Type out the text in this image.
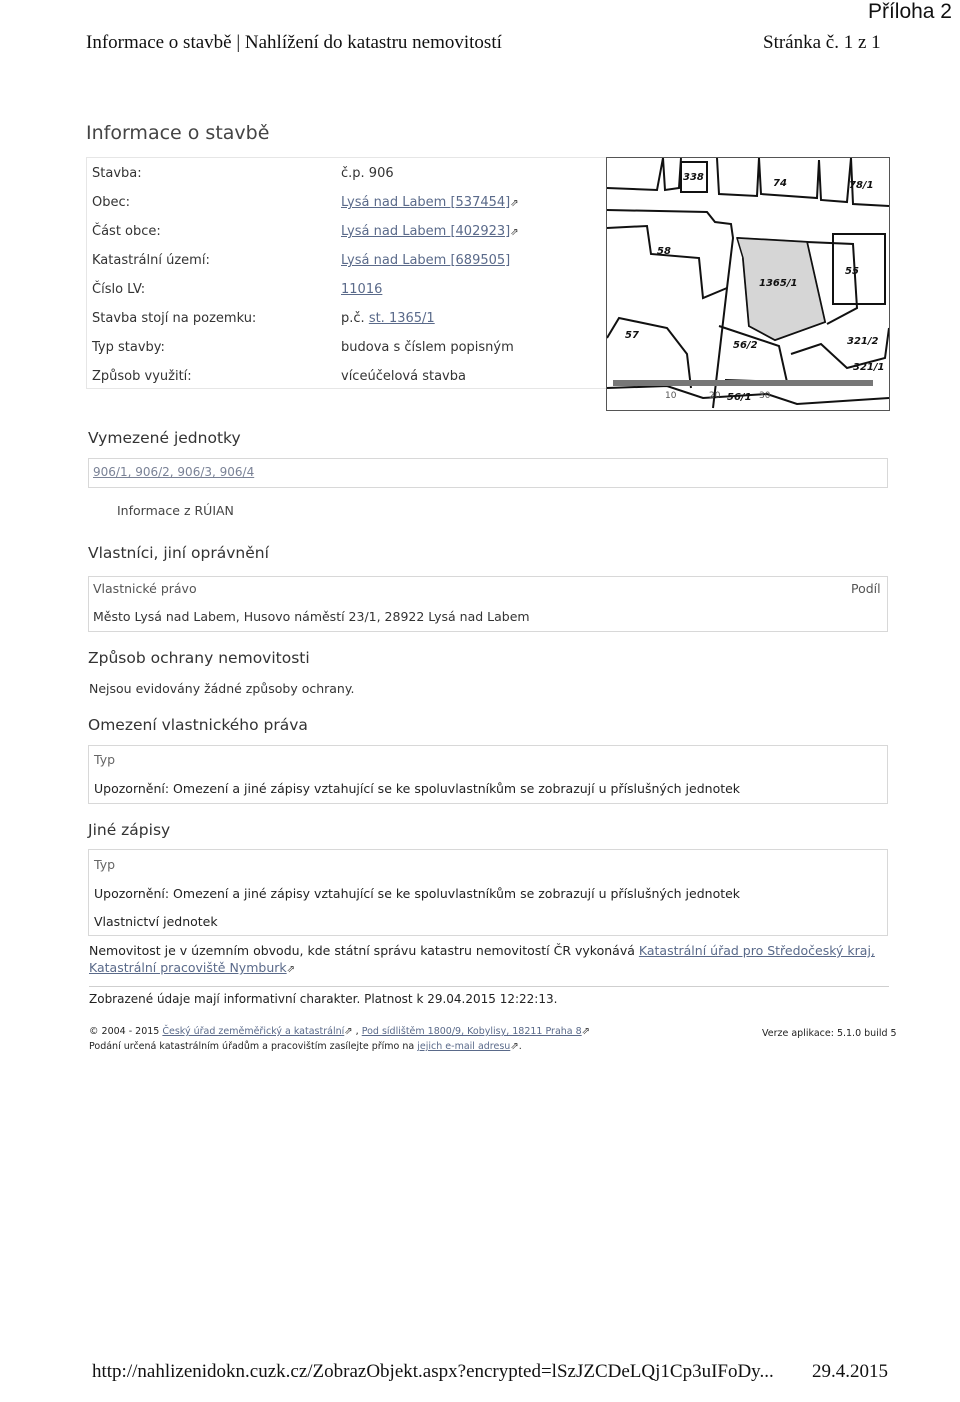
Příloha 2
Informace o stavbě | Nahlížení do katastru nemovitostí	Stránka č. 1 z 1
Informace o stavbě
Stavba:	č.p. 906
Obec:	Lysá nad Labem [537454]⇗
Část obce:	Lysá nad Labem [402923]⇗
Katastrální území:	Lysá nad Labem [689505]
Číslo LV:	11016
Stavba stojí na pozemku:	p.č. st. 1365/1
Typ stavby:	budova s číslem popisným
Způsob využití:	víceúčelová stavba
338
74	78/1
58
1365/1
55
57
56/2	321/2
321/1
56/1
10	20	30
Vymezené jednotky
906/1, 906/2, 906/3, 906/4
Informace z RÚIAN
Vlastníci, jiní oprávnění
Vlastnické právo	Podíl
Město Lysá nad Labem, Husovo náměstí 23/1, 28922 Lysá nad Labem
Způsob ochrany nemovitosti
Nejsou evidovány žádné způsoby ochrany.
Omezení vlastnického práva
Typ
Upozornění: Omezení a jiné zápisy vztahující se ke spoluvlastníkům se zobrazují u příslušných jednotek
Jiné zápisy
Typ
Upozornění: Omezení a jiné zápisy vztahující se ke spoluvlastníkům se zobrazují u příslušných jednotek
Vlastnictví jednotek
Nemovitost je v územním obvodu, kde státní správu katastru nemovitostí ČR vykonává Katastrální úřad pro Středočeský kraj, Katastrální pracoviště Nymburk⇗
Zobrazené údaje mají informativní charakter. Platnost k 29.04.2015 12:22:13.
© 2004 - 2015 Český úřad zeměměřický a katastrální⇗ , Pod sídlištěm 1800/9, Kobylisy, 18211 Praha 8⇗	Verze aplikace: 5.1.0 build 5
Podání určená katastrálním úřadům a pracovištím zasílejte přímo na jejich e-mail adresu⇗.
http://nahlizenidokn.cuzk.cz/ZobrazObjekt.aspx?encrypted=lSzJZCDeLQj1Cp3uIFoDy... 29.4.2015
